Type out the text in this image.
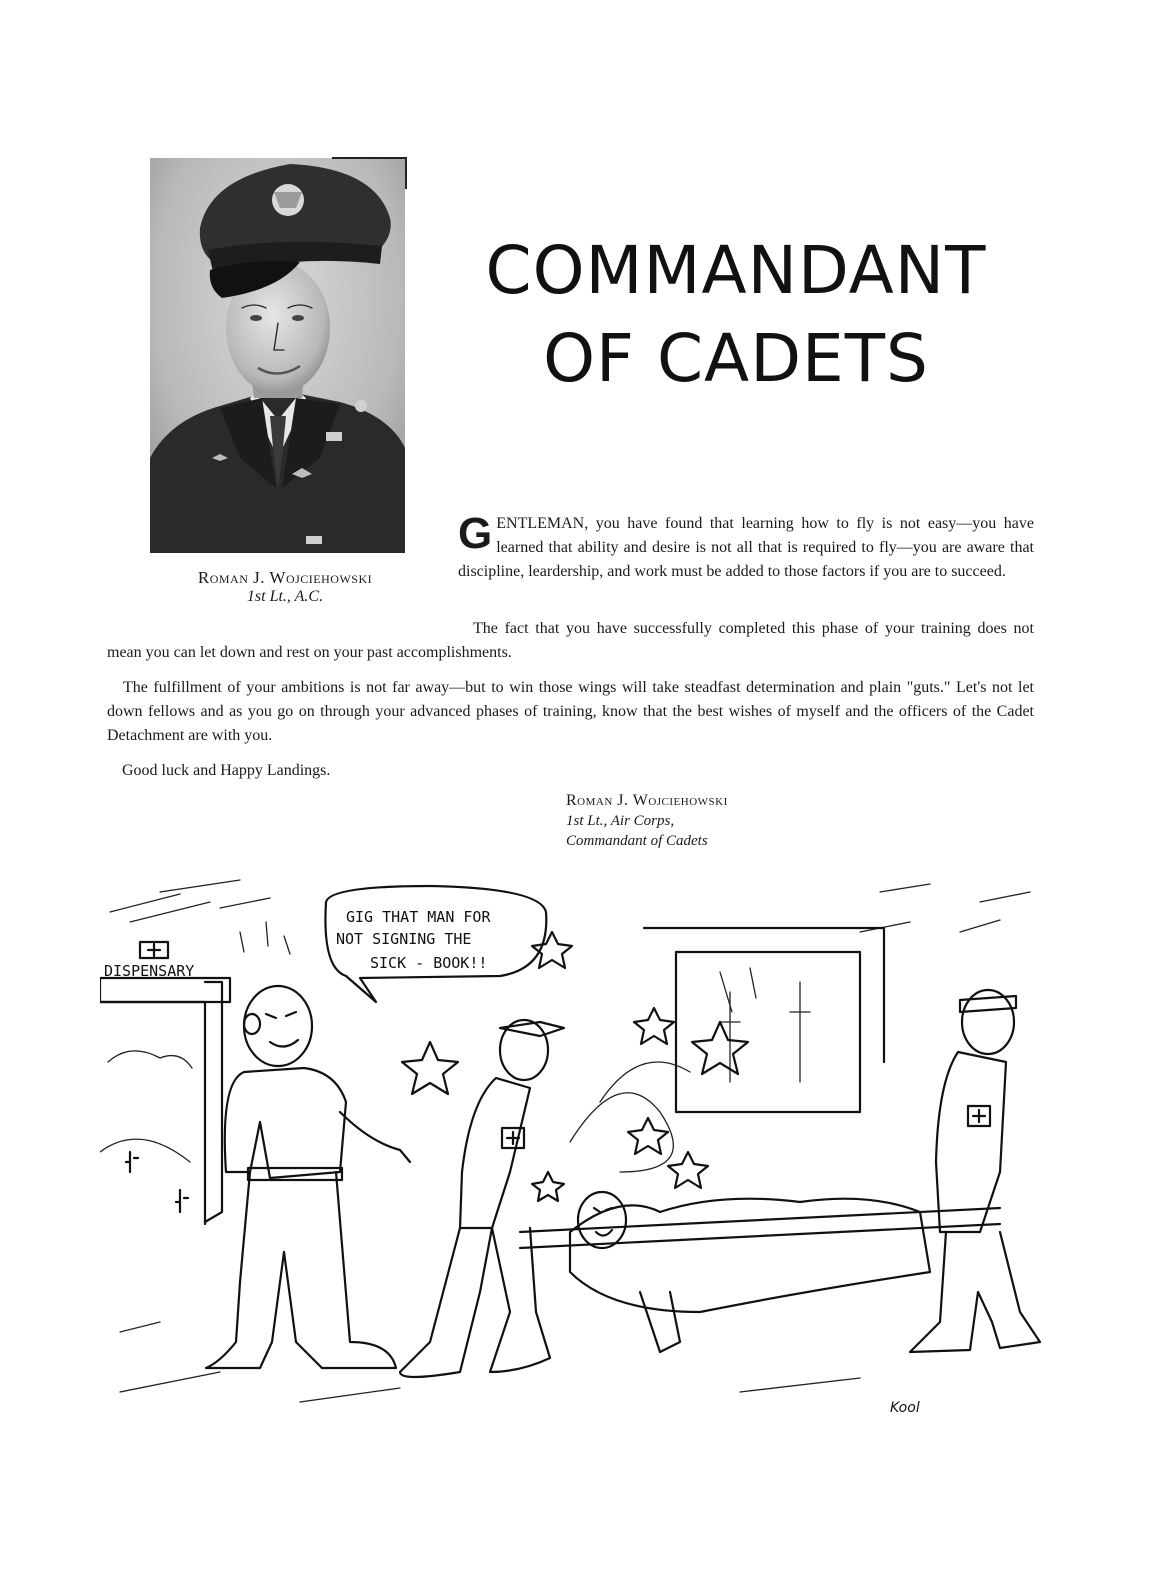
COMMANDANT
OF CADETS
Roman J. Wojciehowski
1st Lt., A.C.
G ENTLEMAN, you have found that learning how to fly is not easy—you have learned that ability and desire is not all that is required to fly—you are aware that discipline, leardership, and work must be added to those factors if you are to succeed.
The fact that you have successfully completed this phase of your training does not mean you can let down and rest on your past accomplishments.
The fulfillment of your ambitions is not far away—but to win those wings will take steadfast determination and plain "guts." Let's not let down fellows and as you go on through your advanced phases of training, know that the best wishes of myself and the officers of the Cadet Detachment are with you.
Good luck and Happy Landings.
Roman J. Wojciehowski
1st Lt., Air Corps,
Commandant of Cadets
DISPENSARY
GIG THAT MAN FOR
NOT SIGNING THE
SICK - BOOK!!
Kool
